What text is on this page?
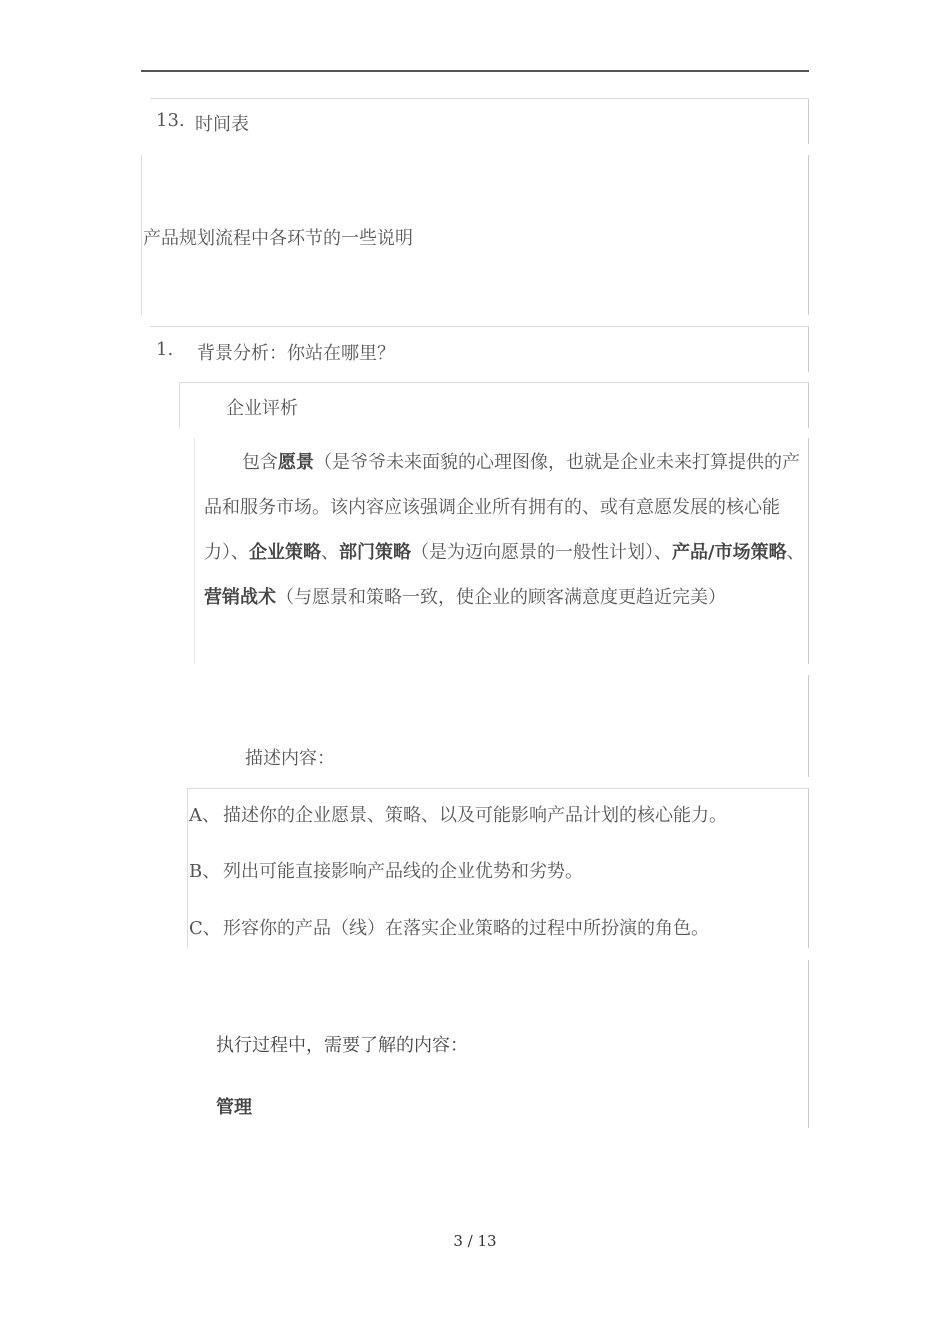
13. 时间表
产品规划流程中各环节的一些说明
1. 背景分析：你站在哪里？
企业评析
包含愿景（是爷爷未来面貌的心理图像，也就是企业未来打算提供的产品和服务市场。该内容应该强调企业所有拥有的、或有意愿发展的核心能力）、企业策略、部门策略（是为迈向愿景的一般性计划）、产品/市场策略、营销战术（与愿景和策略一致，使企业的顾客满意度更趋近完美）
描述内容：
A、 描述你的企业愿景、策略、以及可能影响产品计划的核心能力。
B、 列出可能直接影响产品线的企业优势和劣势。
C、 形容你的产品（线）在落实企业策略的过程中所扮演的角色。
执行过程中，需要了解的内容：
管理
3 / 13
